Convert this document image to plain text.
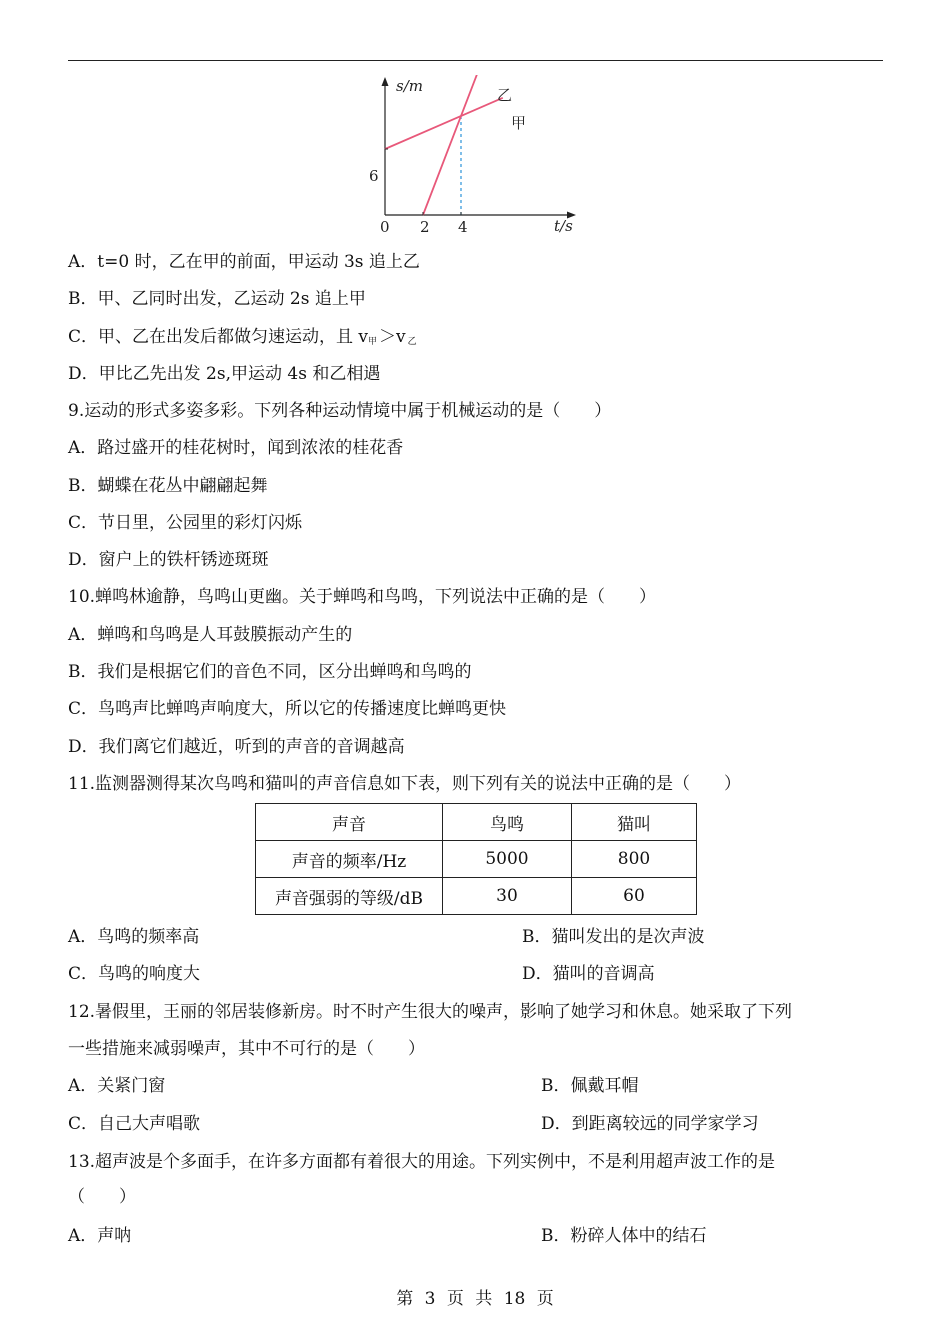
s/m
t/s
0 2 4
6
乙
甲
A．t=0 时，乙在甲的前面，甲运动 3s 追上乙
B．甲、乙同时出发，乙运动 2s 追上甲
C．甲、乙在出发后都做匀速运动，且 $v_甲 >v$ $_乙$
D．甲比乙先出发 2s,甲运动 4s 和乙相遇
9.运动的形式多姿多彩。下列各种运动情境中属于机械运动的是（　　）
A．路过盛开的桂花树时，闻到浓浓的桂花香
B．蝴蝶在花丛中翩翩起舞
C．节日里，公园里的彩灯闪烁
D．窗户上的铁杆锈迹斑斑
10.蝉鸣林逾静，鸟鸣山更幽。关于蝉鸣和鸟鸣，下列说法中正确的是（　　）
A．蝉鸣和鸟鸣是人耳鼓膜振动产生的
B．我们是根据它们的音色不同，区分出蝉鸣和鸟鸣的
C．鸟鸣声比蝉鸣声响度大，所以它的传播速度比蝉鸣更快
D．我们离它们越近，听到的声音的音调越高
11.监测器测得某次鸟鸣和猫叫的声音信息如下表，则下列有关的说法中正确的是（　　）
声音	鸟鸣	猫叫
声音的频率/Hz	5000	800
声音强弱的等级/dB	30	60
A．鸟鸣的频率高	B．猫叫发出的是次声波
C．鸟鸣的响度大	D．猫叫的音调高
12.暑假里，王丽的邻居装修新房。时不时产生很大的噪声，影响了她学习和休息。她采取了下列
一些措施来减弱噪声，其中不可行的是（　　）
A．关紧门窗	B．佩戴耳帽
C．自己大声唱歌	D．到距离较远的同学家学习
13.超声波是个多面手，在许多方面都有着很大的用途。下列实例中，不是利用超声波工作的是
（　　）
A．声呐	B．粉碎人体中的结石
第 3 页 共 18 页
